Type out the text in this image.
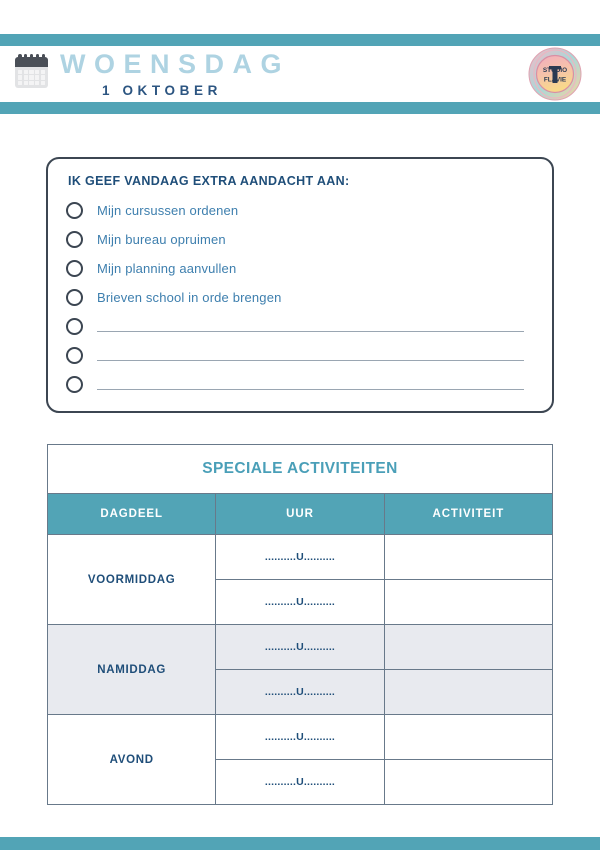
WOENSDAG
1 OKTOBER
STUDIO
FLAVIE
IK GEEF VANDAAG EXTRA AANDACHT AAN:
Mijn cursussen ordenen
Mijn bureau opruimen
Mijn planning aanvullen
Brieven school in orde brengen
SPECIALE ACTIVITEITEN		
DAGDEEL	UUR	ACTIVITEIT
VOORMIDDAG	..........U..........	
	..........U..........	
NAMIDDAG	..........U..........	
	..........U..........	
AVOND	..........U..........	
	..........U..........	
